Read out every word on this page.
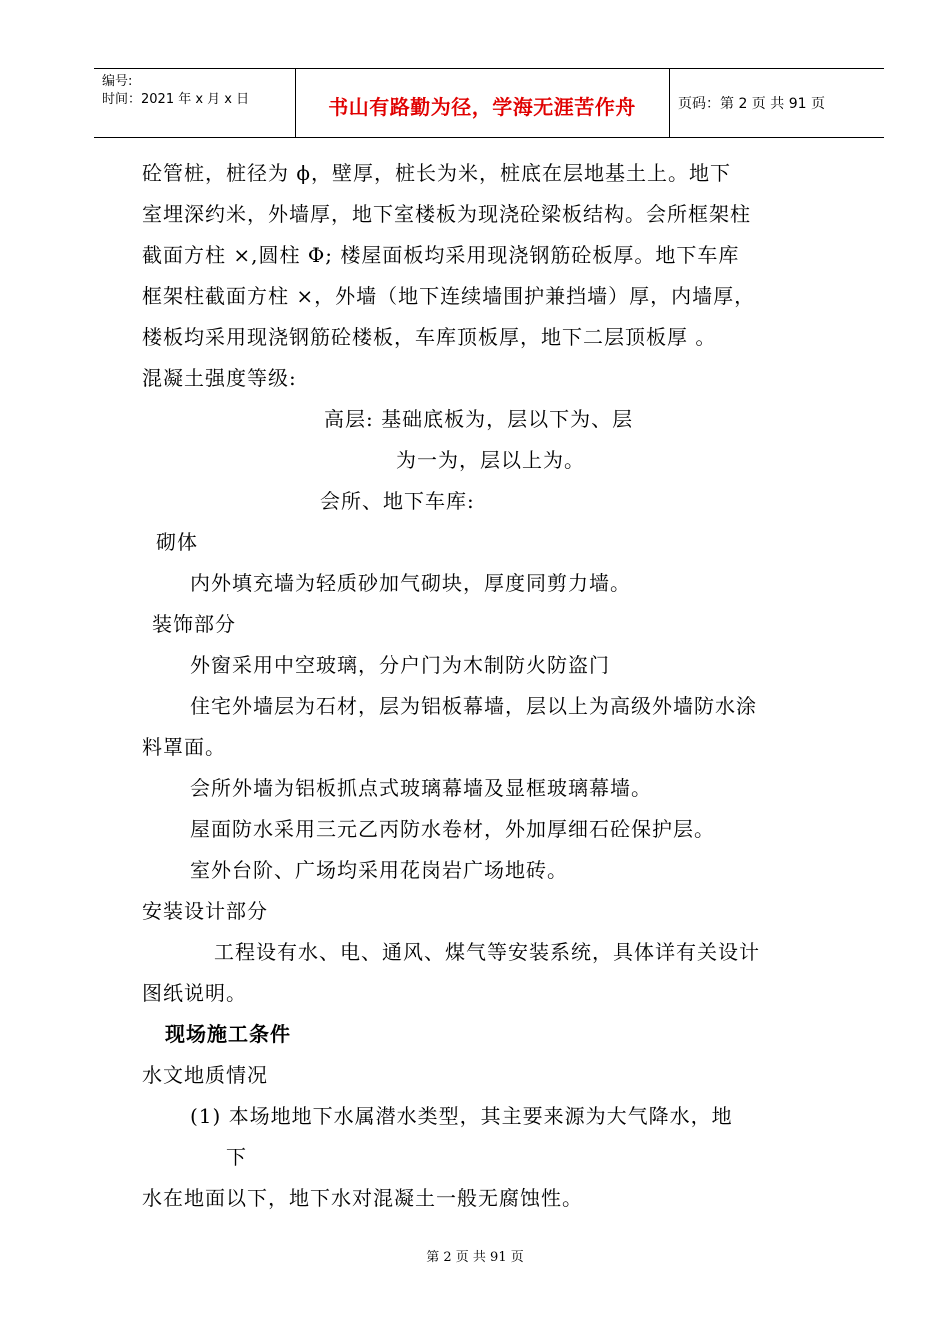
编号:
时间：2021 年 x 月 x 日	书山有路勤为径，学海无涯苦作舟	页码：第 2 页 共 91 页
砼管桩，桩径为 ϕ，壁厚，桩长为米，桩底在层地基土上。地下
室埋深约米，外墙厚，地下室楼板为现浇砼梁板结构。会所框架柱
截面方柱 ×,圆柱 Φ; 楼屋面板均采用现浇钢筋砼板厚。地下车库
框架柱截面方柱 ×，外墙（地下连续墙围护兼挡墙）厚，内墙厚，
楼板均采用现浇钢筋砼楼板，车库顶板厚，地下二层顶板厚 。
混凝土强度等级:
高层: 基础底板为，层以下为、层
为一为，层以上为。
会所、地下车库:
砌体
内外填充墙为轻质砂加气砌块，厚度同剪力墙。
装饰部分
外窗采用中空玻璃，分户门为木制防火防盗门
住宅外墙层为石材，层为铝板幕墙，层以上为高级外墙防水涂
料罩面。
会所外墙为铝板抓点式玻璃幕墙及显框玻璃幕墙。
屋面防水采用三元乙丙防水卷材，外加厚细石砼保护层。
室外台阶、广场均采用花岗岩广场地砖。
安装设计部分
工程设有水、电、通风、煤气等安装系统，具体详有关设计
图纸说明。
现场施工条件
水文地质情况
(1) 本场地地下水属潜水类型，其主要来源为大气降水，地
下
水在地面以下，地下水对混凝土一般无腐蚀性。
第 2 页 共 91 页
